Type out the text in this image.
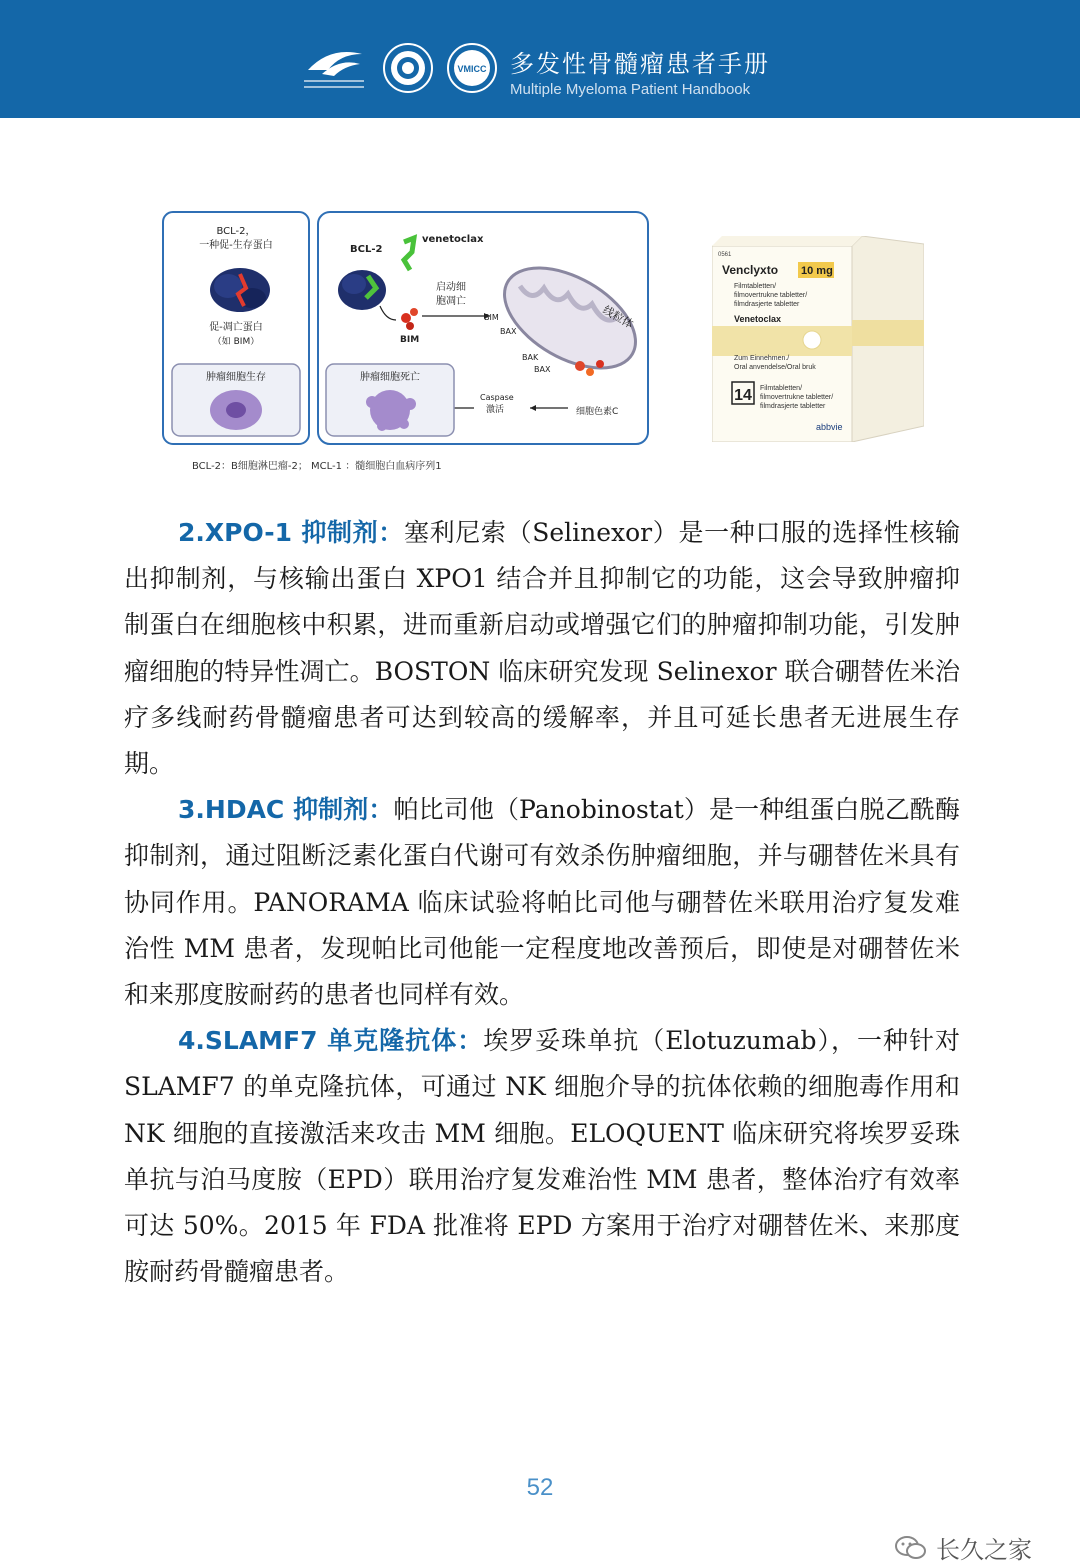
VMICC 多发性骨髓瘤患者手册
Multiple Myeloma Patient Handbook
BCL-2，
一种促-生存蛋白
促-凋亡蛋白
（如 BIM）
肿瘤细胞生存
BCL-2
venetoclax
启动细
胞凋亡
BIM
BIM
BAX
BAK
BAX
线粒体
细胞色素C
Caspase
激活
肿瘤细胞死亡
BCL-2：B细胞淋巴瘤-2； MCL-1 ：髓细胞白血病序列1
0561
Venclyxto 10 mg
Filmtabletten/
filmovertrukne tabletter/
filmdrasjerte tabletter
Venetoclax
Zum Einnehmen./
Oral anvendelse/Oral bruk
14 Filmtabletten/
filmovertrukne tabletter/
filmdrasjerte tabletter
abbvie

2.XPO-1 抑制剂：塞利尼索（Selinexor）是一种口服的选择性核输出抑制剂，与核输出蛋白 XPO1 结合并且抑制它的功能，这会导致肿瘤抑制蛋白在细胞核中积累，进而重新启动或增强它们的肿瘤抑制功能，引发肿瘤细胞的特异性凋亡。BOSTON 临床研究发现 Selinexor 联合硼替佐米治疗多线耐药骨髓瘤患者可达到较高的缓解率，并且可延长患者无进展生存期。

3.HDAC 抑制剂：帕比司他（Panobinostat）是一种组蛋白脱乙酰酶抑制剂，通过阻断泛素化蛋白代谢可有效杀伤肿瘤细胞，并与硼替佐米具有协同作用。PANORAMA 临床试验将帕比司他与硼替佐米联用治疗复发难治性 MM 患者，发现帕比司他能一定程度地改善预后，即使是对硼替佐米和来那度胺耐药的患者也同样有效。

4.SLAMF7 单克隆抗体：埃罗妥珠单抗（Elotuzumab），一种针对 SLAMF7 的单克隆抗体，可通过 NK 细胞介导的抗体依赖的细胞毒作用和 NK 细胞的直接激活来攻击 MM 细胞。ELOQUENT 临床研究将埃罗妥珠单抗与泊马度胺（EPD）联用治疗复发难治性 MM 患者，整体治疗有效率可达 50%。2015 年 FDA 批准将 EPD 方案用于治疗对硼替佐米、来那度胺耐药骨髓瘤患者。

52
长久之家
